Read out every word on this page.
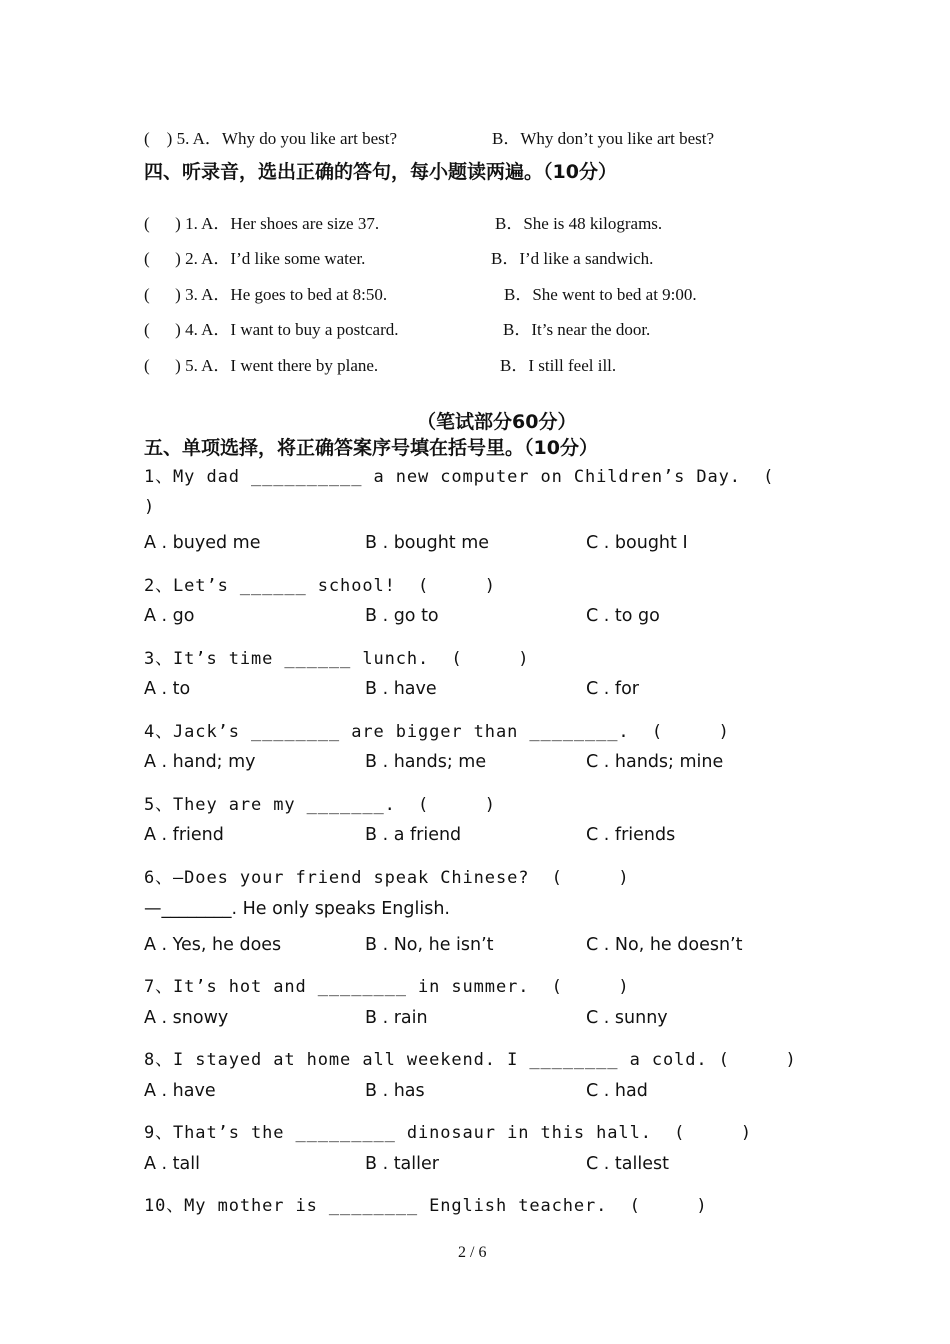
(    ) 5. A．Why do you like art best?	B．Why don’t you like art best?
四、听录音，选出正确的答句，每小题读两遍。（10分）
(      ) 1. A．Her shoes are size 37.	B．She is 48 kilograms.
(      ) 2. A．I’d like some water.	B．I’d like a sandwich.
(      ) 3. A．He goes to bed at 8:50.	B．She went to bed at 9:00.
(      ) 4. A．I want to buy a postcard.	B．It’s near the door.
(      ) 5. A．I went there by plane.	B．I still feel ill.
（笔试部分60分）
五、单项选择，将正确答案序号填在括号里。（10分）
1、My dad __________ a new computer on Children’s Day.  (
)
A . buyed me	B . bought me	C . bought I
2、Let’s ______ school!  (     )
A . go	B . go to	C . to go
3、It’s time ______ lunch.  (     )
A . to	B . have	C . for
4、Jack’s ________ are bigger than ________.  (     )
A . hand; my	B . hands; me	C . hands; mine
5、They are my _______.  (     )
A . friend	B . a friend	C . friends
6、—Does your friend speak Chinese?  (     )
—________. He only speaks English.
A . Yes, he does	B . No, he isn’t	C . No, he doesn’t
7、It’s hot and ________ in summer.  (     )
A . snowy	B . rain	C . sunny
8、I stayed at home all weekend. I ________ a cold. (     )
A . have	B . has	C . had
9、That’s the _________ dinosaur in this hall.  (     )
A . tall	B . taller	C . tallest
10、My mother is ________ English teacher.  (     )
2 / 6
